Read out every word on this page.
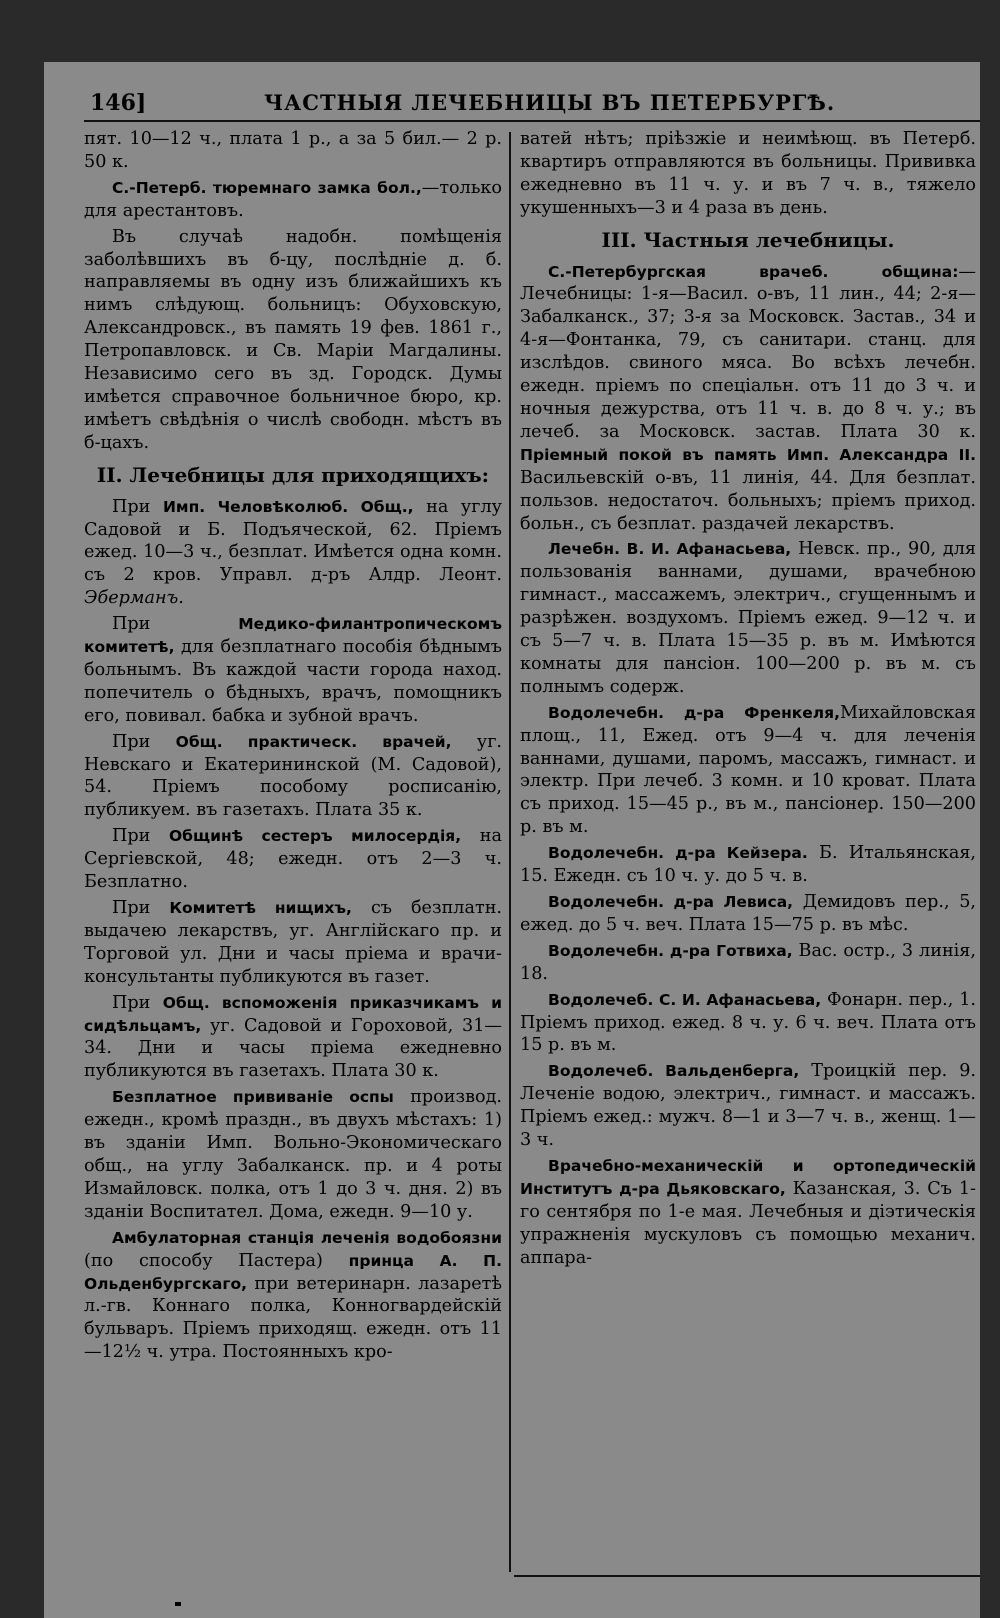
146]	ЧАСТНЫЯ ЛЕЧЕБНИЦЫ ВЪ ПЕТЕРБУРГѢ.

пят. 10—12 ч., плата 1 р., а за 5 бил.— 2 р. 50 к.

С.-Петерб. тюремнаго замка бол.,—только для арестантовъ.

Въ случаѣ надобн. помѣщенія заболѣвшихъ въ б-цу, послѣдніе д. б. направляемы въ одну изъ ближайшихъ къ нимъ слѣдующ. больницъ: Обуховскую, Александровск., въ память 19 фев. 1861 г., Петропавловск. и Св. Маріи Магдалины. Независимо сего въ зд. Городск. Думы имѣется справочное больничное бюро, кр. имѣетъ свѣдѣнія о числѣ свободн. мѣстъ въ б-цахъ.

II. Лечебницы для приходящихъ:

При Имп. Человѣколюб. Общ., на углу Садовой и Б. Подъяческой, 62. Пріемъ ежед. 10—3 ч., безплат. Имѣется одна комн. съ 2 кров. Управл. д-ръ Алдр. Леонт. Эберманъ.

При	Медико-филантропическомъ комитетѣ, для безплатнаго пособія бѣднымъ больнымъ. Въ каждой части города наход. попечитель о бѣдныхъ, врачъ, помощникъ его, повивал. бабка и зубной врачъ.

При Общ. практическ. врачей, уг. Невскаго и Екатерининской (М. Садовой), 54. Пріемъ пособому росписанію, публикуем. въ газетахъ. Плата 35 к.

При Общинѣ сестеръ милосердія, на Сергіевской, 48; ежедн. отъ 2—3 ч. Безплатно.

При Комитетѣ нищихъ, съ безплатн. выдачею лекарствъ, уг. Англійскаго пр. и Торговой ул. Дни и часы пріема и врачи-консультанты публикуются въ газет.

При Общ. вспоможенія приказчикамъ и сидѣльцамъ, уг. Садовой и Гороховой, 31—34. Дни и часы пріема ежедневно публикуются въ газетахъ. Плата 30 к.

Безплатное прививаніе оспы производ. ежедн., кромѣ праздн., въ двухъ мѣстахъ: 1) въ зданіи Имп. Вольно-Экономическаго общ., на углу Забалканск. пр. и 4 роты Измайловск. полка, отъ 1 до 3 ч. дня. 2) въ зданіи Воспитател. Дома, ежедн. 9—10 у.

Амбулаторная станція леченія водобоязни (по способу Пастера) принца А. П. Ольденбургскаго, при ветеринарн. лазаретѣ л.-гв. Коннаго полка, Конногвардейскій бульваръ. Пріемъ приходящ. ежедн. отъ 11—12½ ч. утра. Постоянныхъ кро-

ватей нѣтъ; пріѣзжіе и неимѣющ. въ Петерб. квартиръ отправляются въ больницы. Прививка ежедневно въ 11 ч. у. и въ 7 ч. в., тяжело укушенныхъ—3 и 4 раза въ день.

III. Частныя лечебницы.

С.-Петербургская врачеб. община:—Лечебницы: 1-я—Васил. о-въ, 11 лин., 44; 2-я—Забалканск., 37; 3-я за Московск. Застав., 34 и 4-я—Фонтанка, 79, съ санитари. станц. для изслѣдов. свиного мяса. Во всѣхъ лечебн. ежедн. пріемъ по спеціальн. отъ 11 до 3 ч. и ночныя дежурства, отъ 11 ч. в. до 8 ч. у.; въ лечеб. за Московск. застав. Плата 30 к. Пріемный покой въ память Имп. Александра II. Васильевскій о-въ, 11 линія, 44. Для безплат. пользов. недостаточ. больныхъ; пріемъ приход. больн., съ безплат. раздачей лекарствъ.

Лечебн. В. И. Афанасьева, Невск. пр., 90, для пользованія ваннами, душами, врачебною гимнаст., массажемъ, электрич., сгущеннымъ и разрѣжен. воздухомъ. Пріемъ ежед. 9—12 ч. и съ 5—7 ч. в. Плата 15—35 р. въ м. Имѣются комнаты для пансіон. 100—200 р. въ м. съ полнымъ содерж.

Водолечебн. д-ра Френкеля,Михайловская площ., 11, Ежед. отъ 9—4 ч. для леченія ваннами, душами, паромъ, массажъ, гимнаст. и электр. При лечеб. 3 комн. и 10 кроват. Плата съ приход. 15—45 р., въ м., пансіонер. 150—200 р. въ м.

Водолечебн. д-ра Кейзера. Б. Итальянская, 15. Ежедн. съ 10 ч. у. до 5 ч. в.

Водолечебн. д-ра Левиса, Демидовъ пер., 5, ежед. до 5 ч. веч. Плата 15—75 р. въ мѣс.

Водолечебн. д-ра Готвиха, Вас. остр., 3 линія, 18.

Водолечеб. С. И. Афанасьева, Фонарн. пер., 1. Пріемъ приход. ежед. 8 ч. у. 6 ч. веч. Плата отъ 15 р. въ м.

Водолечеб. Вальденберга, Троицкій пер. 9. Леченіе водою, электрич., гимнаст. и массажъ. Пріемъ ежед.: мужч. 8—1 и 3—7 ч. в., женщ. 1—3 ч.

Врачебно-механическій и ортопедическій Институтъ д-ра Дьяковскаго, Казанская, 3. Съ 1-го сентября по 1-е мая. Лечебныя и діэтическія упражненія мускуловъ съ помощью механич. аппара-
